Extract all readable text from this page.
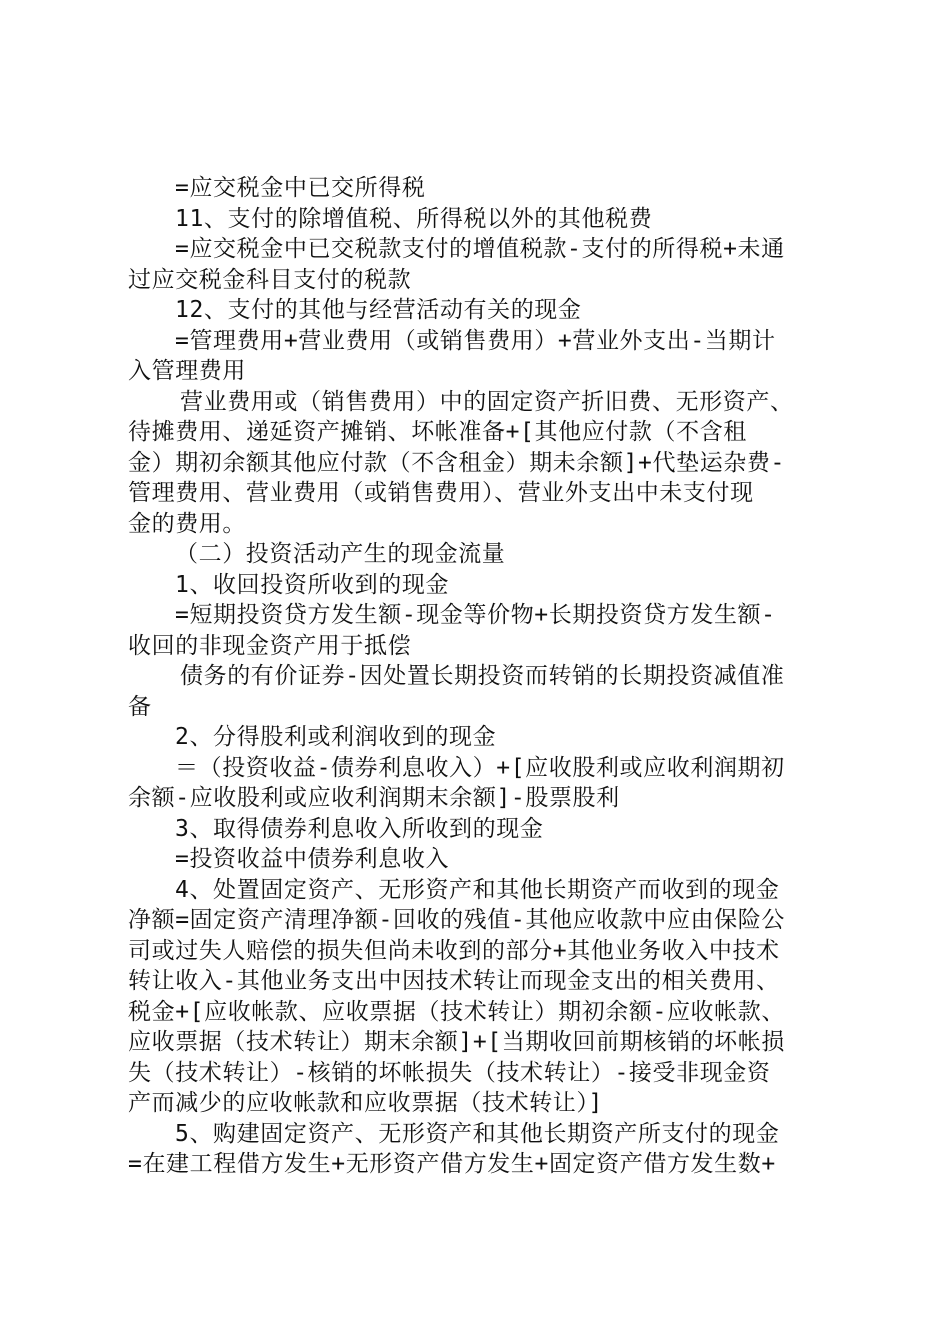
=应交税金中已交所得税
11、支付的除增值税、所得税以外的其他税费
=应交税金中已交税款支付的增值税款-支付的所得税+未通
过应交税金科目支付的税款
12、支付的其他与经营活动有关的现金
=管理费用+营业费用（或销售费用）+营业外支出-当期计
入管理费用
营业费用或（销售费用）中的固定资产折旧费、无形资产、
待摊费用、递延资产摊销、坏帐准备+[其他应付款（不含租
金）期初余额其他应付款（不含租金）期未余额]+代垫运杂费-
管理费用、营业费用（或销售费用）、营业外支出中未支付现
金的费用。
（二）投资活动产生的现金流量
1、收回投资所收到的现金
=短期投资贷方发生额-现金等价物+长期投资贷方发生额-
收回的非现金资产用于抵偿
债务的有价证券-因处置长期投资而转销的长期投资减值准
备
2、分得股利或利润收到的现金
＝（投资收益-债券利息收入）+[应收股利或应收利润期初
余额-应收股利或应收利润期末余额]-股票股利
3、取得债券利息收入所收到的现金
=投资收益中债券利息收入
4、处置固定资产、无形资产和其他长期资产而收到的现金
净额=固定资产清理净额-回收的残值-其他应收款中应由保险公
司或过失人赔偿的损失但尚未收到的部分+其他业务收入中技术
转让收入-其他业务支出中因技术转让而现金支出的相关费用、
税金+[应收帐款、应收票据（技术转让）期初余额-应收帐款、
应收票据（技术转让）期末余额]+[当期收回前期核销的坏帐损
失（技术转让）-核销的坏帐损失（技术转让）-接受非现金资
产而减少的应收帐款和应收票据（技术转让）]
5、购建固定资产、无形资产和其他长期资产所支付的现金
=在建工程借方发生+无形资产借方发生+固定资产借方发生数+
